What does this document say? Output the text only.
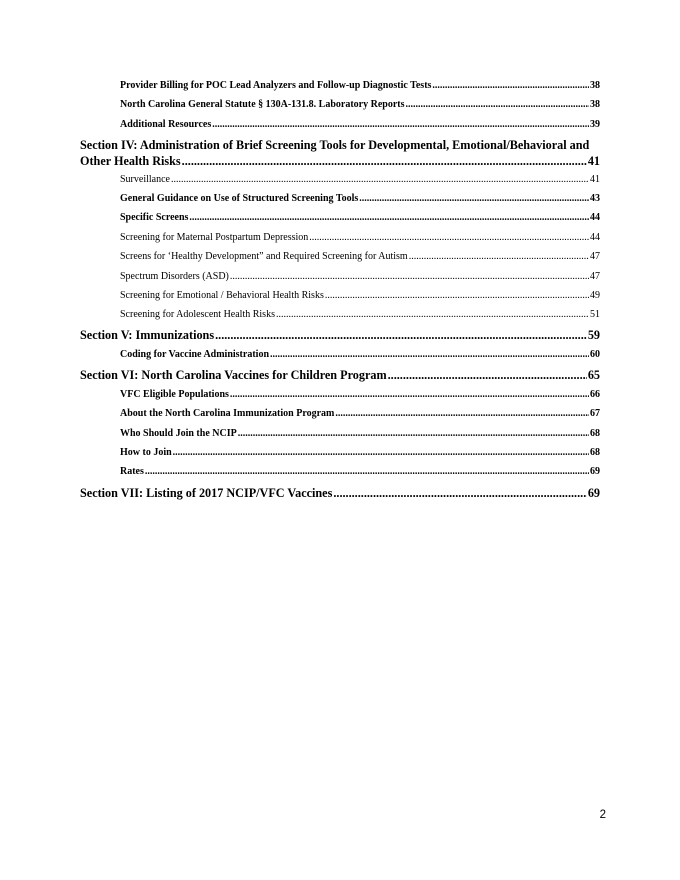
Provider Billing for POC Lead Analyzers and Follow-up Diagnostic Tests .....	38
North Carolina General Statute § 130A-131.8. Laboratory Reports .....	38
Additional Resources .....	39
Section IV: Administration of Brief Screening Tools for Developmental, Emotional/Behavioral and
Other Health Risks .....	41
Surveillance .....	41
General Guidance on Use of Structured Screening Tools .....	43
Specific Screens .....	44
Screening for Maternal Postpartum Depression .....	44
Screens for ‘Healthy Development” and Required Screening for Autism .....	47
Spectrum Disorders (ASD) .....	47
Screening for Emotional / Behavioral Health Risks .....	49
Screening for Adolescent Health Risks .....	51
Section V: Immunizations .....	59
Coding for Vaccine Administration .....	60
Section VI: North Carolina Vaccines for Children Program .....	65
VFC Eligible Populations .....	66
About the North Carolina Immunization Program .....	67
Who Should Join the NCIP .....	68
How to Join .....	68
Rates .....	69
Section VII: Listing of 2017 NCIP/VFC Vaccines .....	69
2
